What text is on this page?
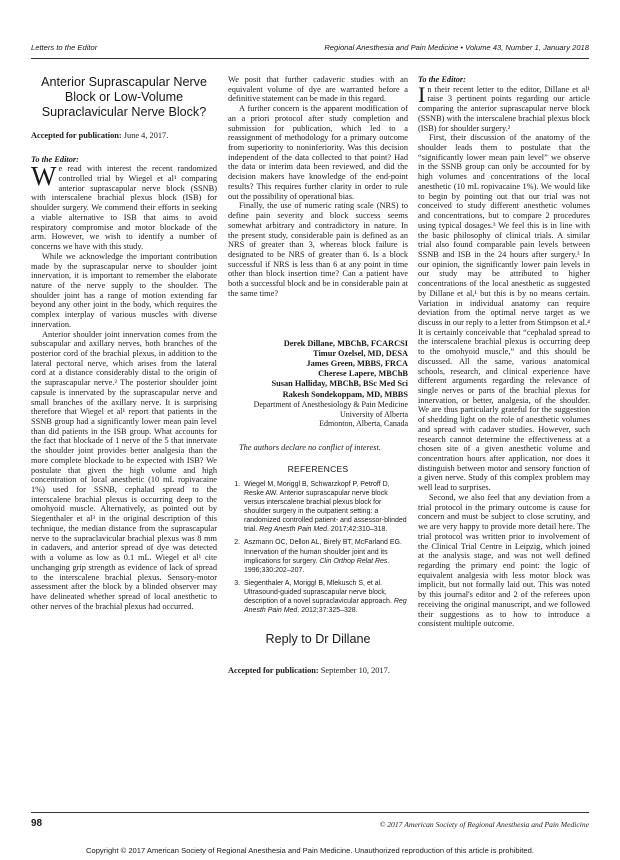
Letters to the Editor	Regional Anesthesia and Pain Medicine • Volume 43, Number 1, January 2018
Anterior Suprascapular Nerve Block or Low-Volume Supraclavicular Nerve Block?
Accepted for publication: June 4, 2017.

To the Editor:

We read with interest the recent randomized controlled trial by Wiegel et al¹ comparing anterior suprascapular nerve block (SSNB) with interscalene brachial plexus block (ISB) for shoulder surgery. We commend their efforts in seeking a viable alternative to ISB that aims to avoid respiratory compromise and motor blockade of the arm. However, we wish to identify a number of concerns we have with this study.

While we acknowledge the important contribution made by the suprascapular nerve to shoulder joint innervation, it is important to remember the elaborate nature of the nerve supply to the shoulder. The shoulder joint has a range of motion extending far beyond any other joint in the body, which requires the complex interplay of various muscles with diverse innervation.

Anterior shoulder joint innervation comes from the subscapular and axillary nerves, both branches of the posterior cord of the brachial plexus, in addition to the lateral pectoral nerve, which arises from the lateral cord at a distance considerably distal to the origin of the suprascapular nerve.² The posterior shoulder joint capsule is innervated by the suprascapular nerve and small branches of the axillary nerve. It is surprising therefore that Wiegel et al¹ report that patients in the SSNB group had a significantly lower mean pain level than did patients in the ISB group. What accounts for the fact that blockade of 1 nerve of the 5 that innervate the shoulder joint provides better analgesia than the more complete blockade to be expected with ISB? We postulate that given the high volume and high concentration of local anesthetic (10 mL ropivacaine 1%) used for SSNB, cephalad spread to the interscalene brachial plexus is occurring deep to the omohyoid muscle. Alternatively, as pointed out by Siegenthaler et al³ in the original description of this technique, the median distance from the suprascapular nerve to the supraclavicular brachial plexus was 8 mm in cadavers, and anterior spread of dye was detected with a volume as low as 0.1 mL. Wiegel et al¹ cite unchanging grip strength as evidence of lack of spread to the interscalene brachial plexus. Sensory-motor assessment after the block by a blinded observer may have delineated whether spread of local anesthetic to other nerves of the brachial plexus had occurred.

We posit that further cadaveric studies with an equivalent volume of dye are warranted before a definitive statement can be made in this regard.

A further concern is the apparent modification of an a priori protocol after study completion and submission for publication, which led to a reassignment of methodology for a primary outcome from superiority to noninferiority. Was this decision independent of the data collected to that point? Had the data or interim data been reviewed, and did the decision makers have knowledge of the end-point results? This requires further clarity in order to rule out the possibility of operational bias.

Finally, the use of numeric rating scale (NRS) to define pain severity and block success seems somewhat arbitrary and contradictory in nature. In the present study, considerable pain is defined as an NRS of greater than 3, whereas block failure is designated to be NRS of greater than 6. Is a block successful if NRS is less than 6 at any point in time other than block insertion time? Can a patient have both a successful block and be in considerable pain at the same time?

Derek Dillane, MBChB, FCARCSI
Timur Ozelsel, MD, DESA
James Green, MBBS, FRCA
Cherese Lapere, MBChB
Susan Halliday, MBChB, BSc Med Sci
Rakesh Sondekoppam, MD, MBBS
Department of Anesthesiology & Pain Medicine
University of Alberta
Edmonton, Alberta, Canada

The authors declare no conflict of interest.

REFERENCES
1. Wiegel M, Moriggl B, Schwarzkopf P, Petroff D, Reske AW. Anterior suprascapular nerve block versus interscalene brachial plexus block for shoulder surgery in the outpatient setting: a randomized controlled patient- and assessor-blinded trial. Reg Anesth Pain Med. 2017;42:310–318.
2. Aszmann OC, Dellon AL, Birely BT, McFarland EG. Innervation of the human shoulder joint and its implications for surgery. Clin Orthop Relat Res. 1996;330:202–207.
3. Siegenthaler A, Moriggl B, Mlekusch S, et al. Ultrasound-guided suprascapular nerve block, description of a novel supraclavicular approach. Reg Anesth Pain Med. 2012;37:325–328.
Reply to Dr Dillane
Accepted for publication: September 10, 2017.

To the Editor:

In their recent letter to the editor, Dillane et al¹ raise 3 pertinent points regarding our article comparing the anterior suprascapular nerve block (SSNB) with the interscalene brachial plexus block (ISB) for shoulder surgery.²

First, their discussion of the anatomy of the shoulder leads them to postulate that the “significantly lower mean pain level” we observe in the SSNB group can only be accounted for by high volumes and concentrations of the local anesthetic (10 mL ropivacaine 1%). We would like to begin by pointing out that our trial was not conceived to study different anesthetic volumes and concentrations, but to compare 2 procedures using typical dosages.³ We feel this is in line with the basic philosophy of clinical trials. A similar trial also found comparable pain levels between SSNB and ISB in the 24 hours after surgery.³ In our opinion, the significantly lower pain levels in our study may be attributed to higher concentrations of the local anesthetic as suggested by Dillane et al,¹ but this is by no means certain. Variation in individual anatomy can require deviation from the optimal nerve target as we discuss in our reply to a letter from Stimpson et al.⁴ It is certainly conceivable that “cephalad spread to the interscalene brachial plexus is occurring deep to the omohyoid muscle,” and this should be discussed. All the same, various anatomical schools, research, and clinical experience have different arguments regarding the relevance of single nerves or parts of the brachial plexus for innervation, or better, analgesia, of the shoulder. We are thus particularly grateful for the suggestion of shedding light on the role of anesthetic volumes and spread with cadaver studies. However, such research cannot determine the effectiveness at a chosen site of a given anesthetic volume and concentration hours after application, nor does it distinguish between motor and sensory function of a given nerve. Study of this complex problem may well lead to surprises.

Second, we also feel that any deviation from a trial protocol in the primary outcome is cause for concern and must be subject to close scrutiny, and we are very happy to provide more detail here. The trial protocol was written prior to involvement of the Clinical Trial Centre in Leipzig, which joined at the analysis stage, and was not well defined regarding the primary end point: the logic of equivalent analgesia with less motor block was implicit, but not formally laid out. This was noted by this journal's editor and 2 of the referees upon receiving the original manuscript, and we followed their suggestions as to how to introduce a consistent multiple outcome.

98	© 2017 American Society of Regional Anesthesia and Pain Medicine
Copyright © 2017 American Society of Regional Anesthesia and Pain Medicine. Unauthorized reproduction of this article is prohibited.
